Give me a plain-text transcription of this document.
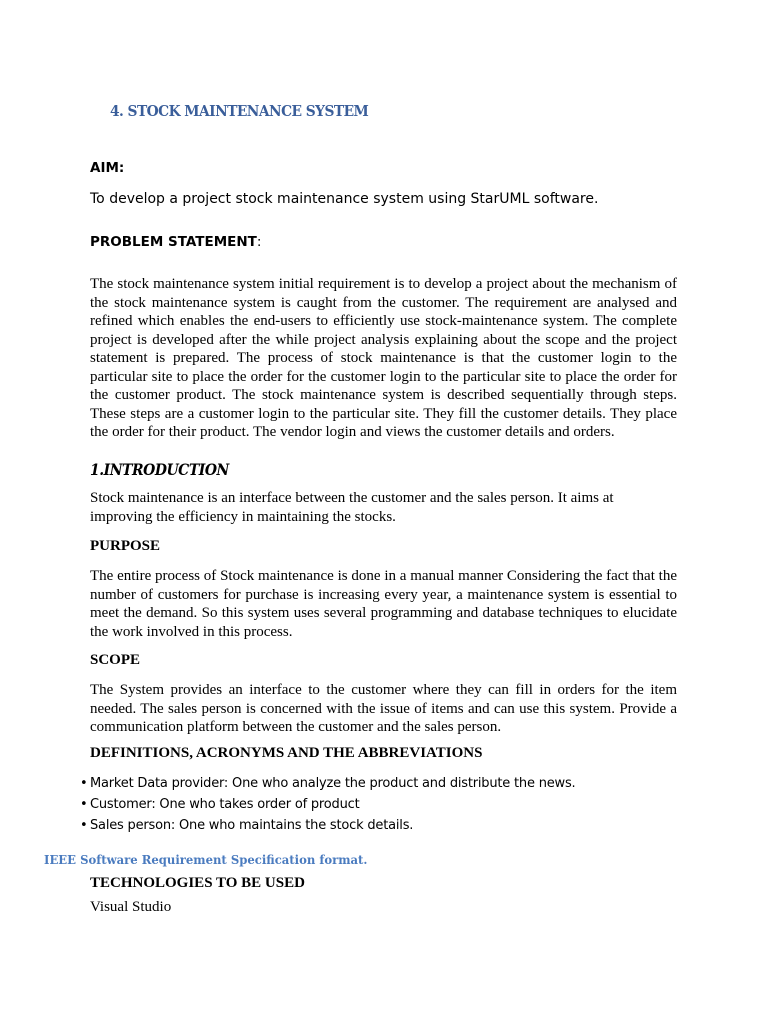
4. STOCK MAINTENANCE SYSTEM
AIM:
To develop a project stock maintenance system using StarUML software.
PROBLEM STATEMENT:

The stock maintenance system initial requirement is to develop a project about the mechanism of the stock maintenance system is caught from the customer. The requirement are analysed and refined which enables the end-users to efficiently use stock-maintenance system. The complete project is developed after the while project analysis explaining about the scope and the project statement is prepared. The process of stock maintenance is that the customer login to the particular site to place the order for the customer login to the particular site to place the order for the customer product. The stock maintenance system is described sequentially through steps. These steps are a customer login to the particular site. They fill the customer details. They place the order for their product. The vendor login and views the customer details and orders.

1.INTRODUCTION

Stock maintenance is an interface between the customer and the sales person. It aims at improving the efficiency in maintaining the stocks.

PURPOSE

The entire process of Stock maintenance is done in a manual manner Considering the fact that the number of customers for purchase is increasing every year, a maintenance system is essential to meet the demand. So this system uses several programming and database techniques to elucidate the work involved in this process.

SCOPE

The System provides an interface to the customer where they can fill in orders for the item needed. The sales person is concerned with the issue of items and can use this system. Provide a communication platform between the customer and the sales person.

DEFINITIONS, ACRONYMS AND THE ABBREVIATIONS
• Market Data provider: One who analyze the product and distribute the news.
• Customer: One who takes order of product
• Sales person: One who maintains the stock details.
IEEE Software Requirement Specification format.
TECHNOLOGIES TO BE USED
Visual Studio
